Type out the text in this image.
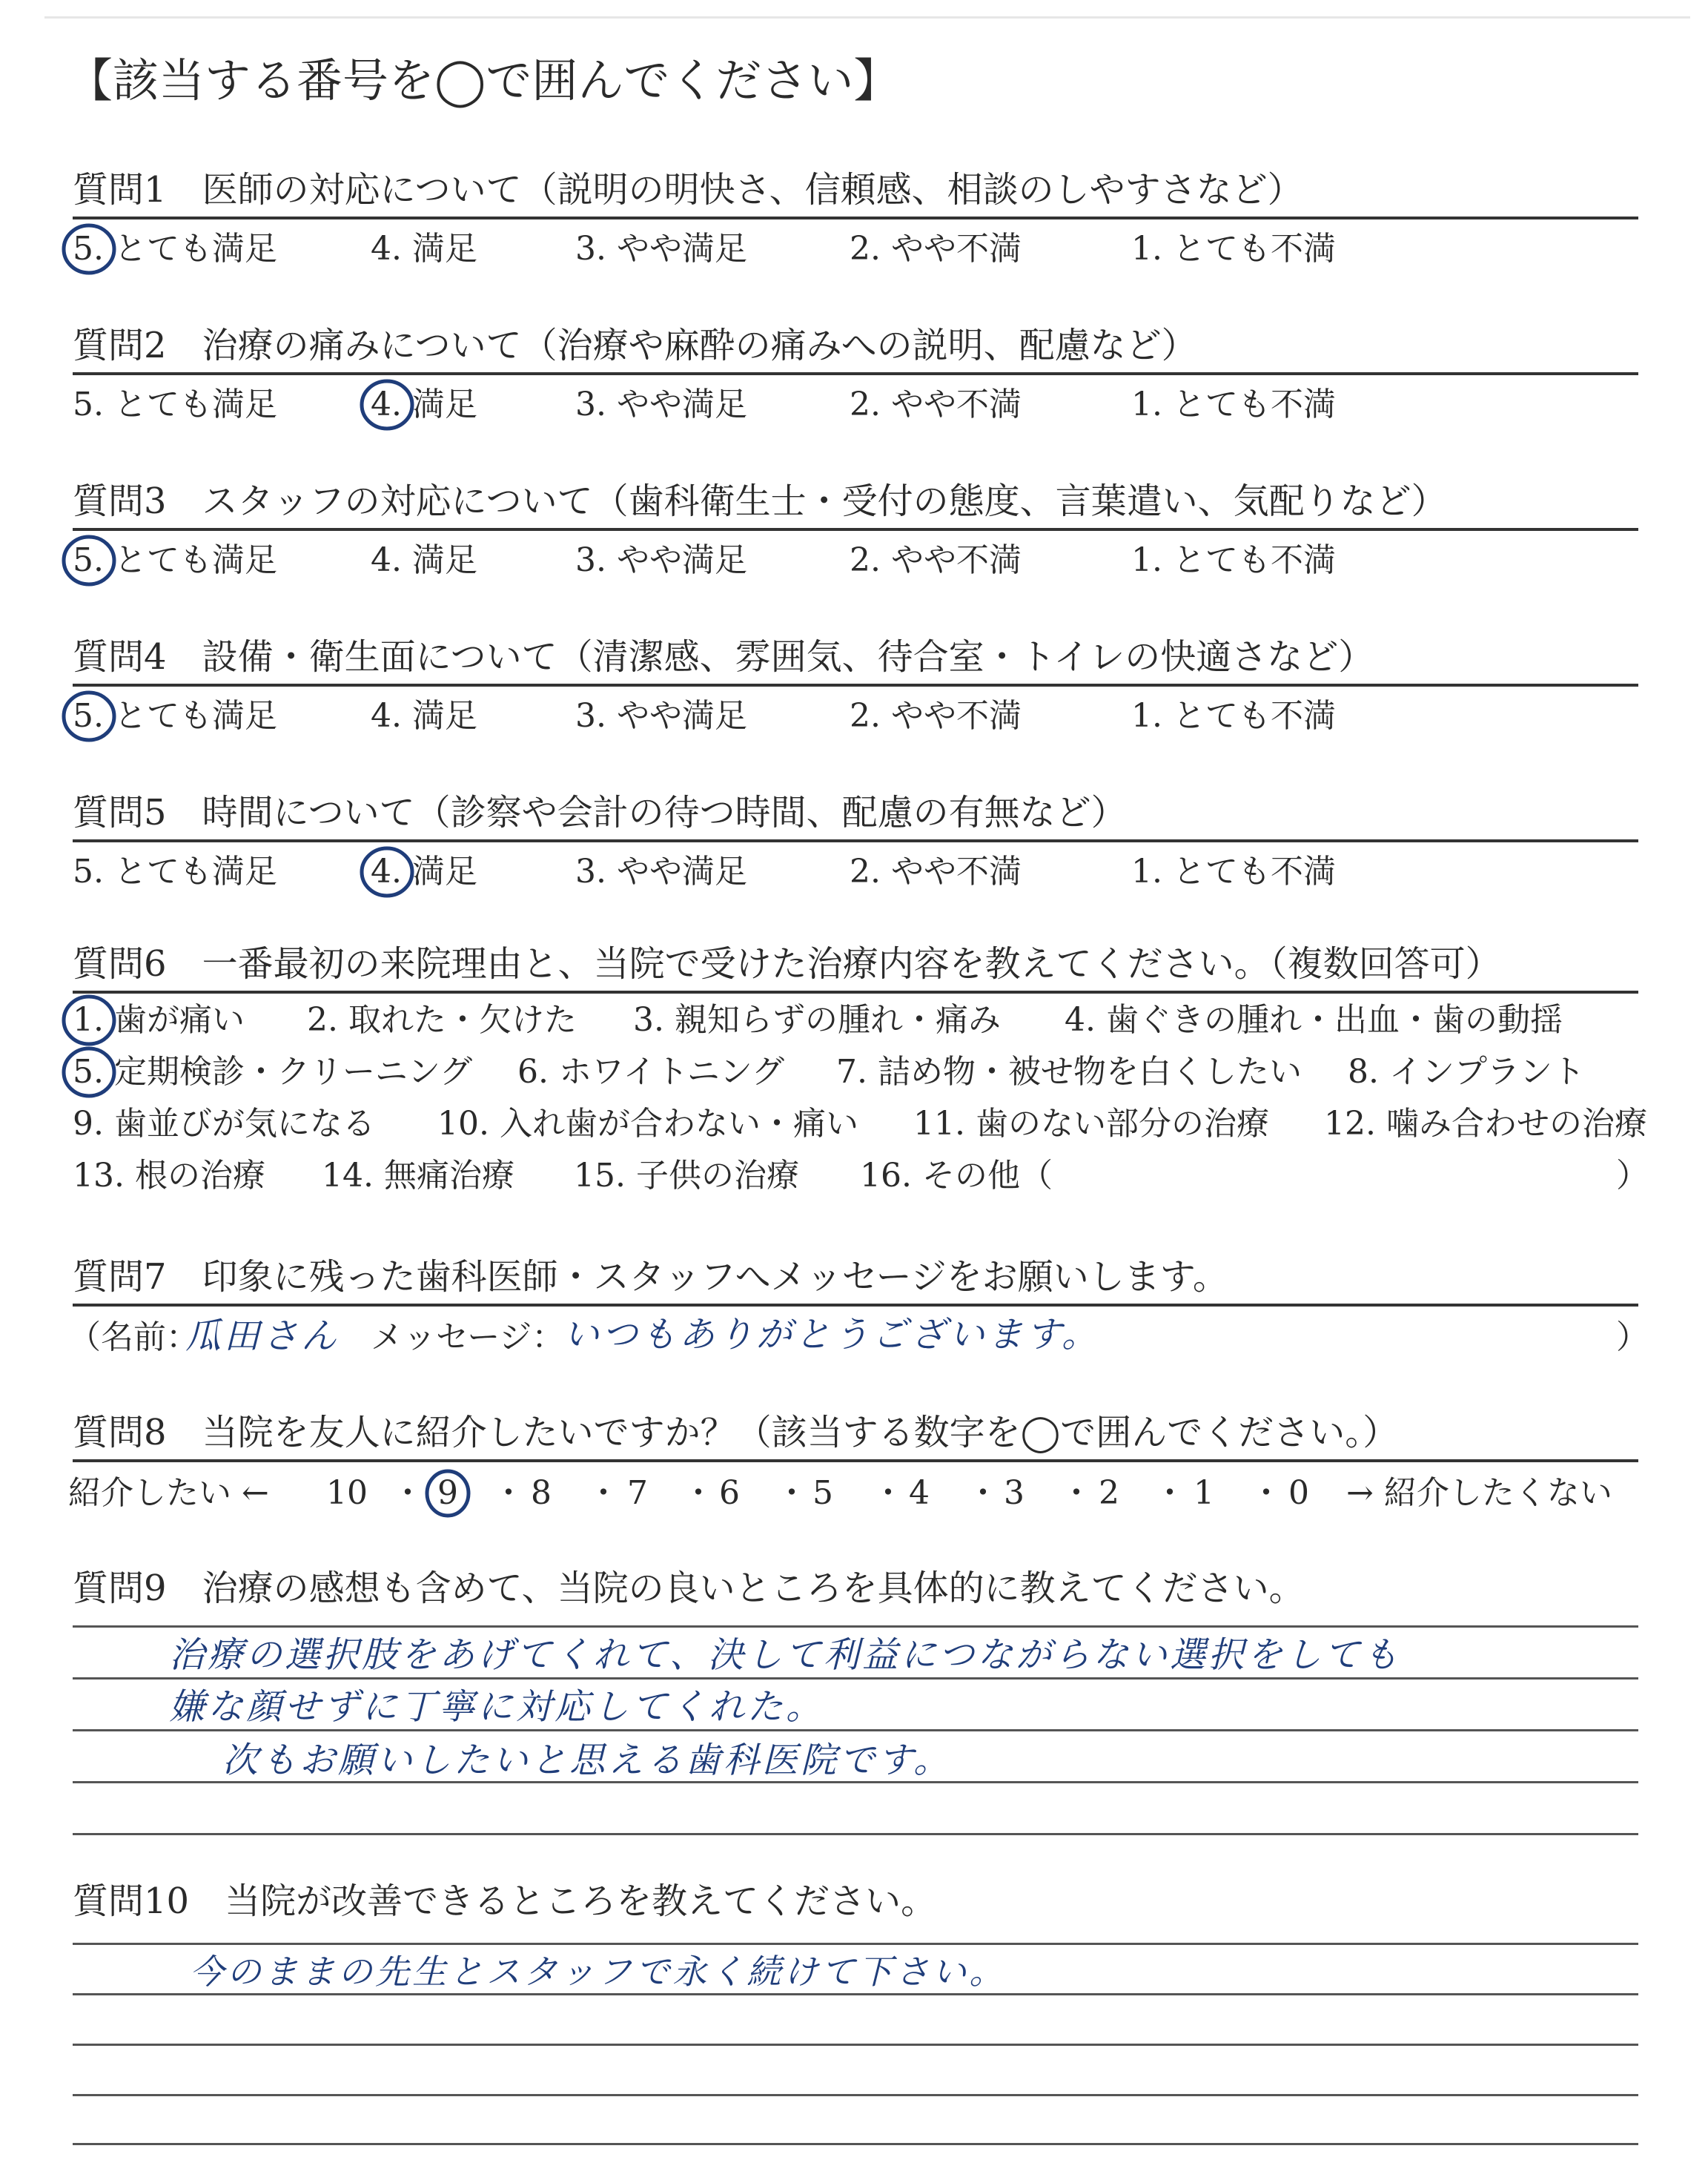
【該当する番号を◯で囲んでください】
質問1　 医師の対応について（説明の明快さ、信頼感、相談のしやすさなど）
5. とても満足	4. 満足	3. やや満足	2. やや不満	1. とても不満
質問2　 治療の痛みについて（治療や麻酔の痛みへの説明、配慮など）
5. とても満足	4. 満足	3. やや満足	2. やや不満	1. とても不満
質問3　 スタッフの対応について（歯科衛生士・受付の態度、言葉遣い、気配りなど）
5. とても満足	4. 満足	3. やや満足	2. やや不満	1. とても不満
質問4　 設備・衛生面について（清潔感、雰囲気、待合室・トイレの快適さなど）
5. とても満足	4. 満足	3. やや満足	2. やや不満	1. とても不満
質問5　 時間について（診察や会計の待つ時間、配慮の有無など）
5. とても満足	4. 満足	3. やや満足	2. やや不満	1. とても不満
質問6　 一番最初の来院理由と、当院で受けた治療内容を教えてください。（複数回答可）
1. 歯が痛い 2. 取れた・欠けた 3. 親知らずの腫れ・痛み 4. 歯ぐきの腫れ・出血・歯の動揺
5. 定期検診・クリーニング 6. ホワイトニング 7. 詰め物・被せ物を白くしたい 8. インプラント
9. 歯並びが気になる 10. 入れ歯が合わない・痛い 11. 歯のない部分の治療 12. 噛み合わせの治療
13. 根の治療 14. 無痛治療 15. 子供の治療 16. その他（	）
質問7　 印象に残った歯科医師・スタッフへメッセージをお願いします。
（名前：
瓜田さん メッセージ：
いつもありがとうございます。	）
質問8　 当院を友人に紹介したいですか？（該当する数字を◯で囲んでください。）
紹介したい ← 10 9 8 7 6 5 4 3 2 1 0
・ ・ ・ ・ ・ ・ ・ ・ ・ ・ → 紹介したくない
質問9　 治療の感想も含めて、当院の良いところを具体的に教えてください。
治療の選択肢をあげてくれて、決して利益につながらない選択をしても
嫌な顔せずに丁寧に対応してくれた。
次もお願いしたいと思える歯科医院です。
質問10　 当院が改善できるところを教えてください。
今のままの先生とスタッフで永く続けて下さい。
